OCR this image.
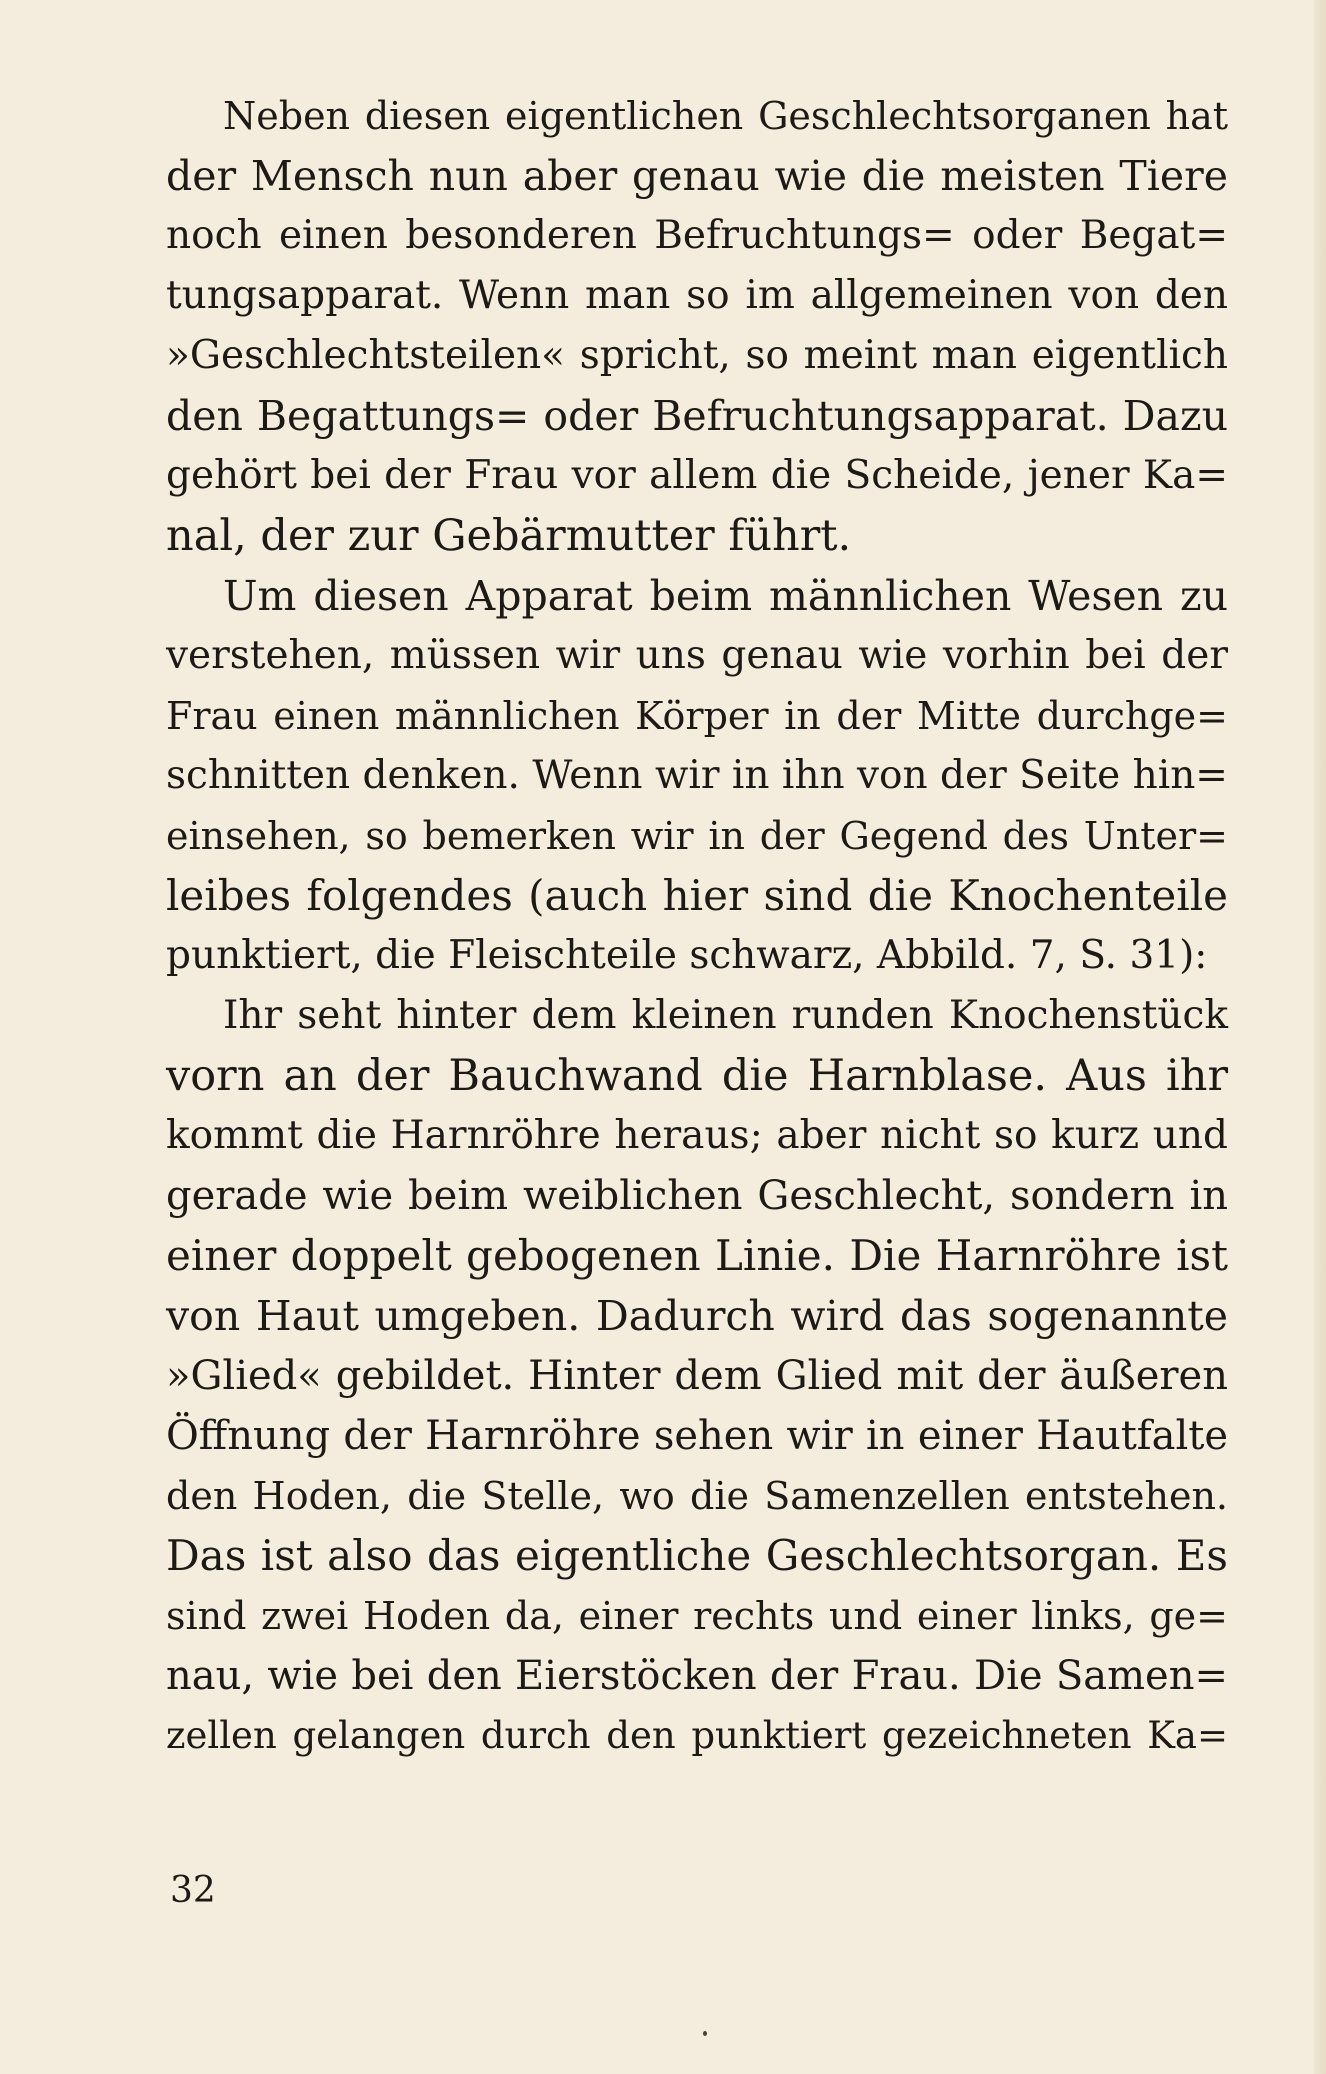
Neben diesen eigentlichen Geschlechtsorganen hat
der Mensch nun aber genau wie die meisten Tiere
noch einen besonderen Befruchtungs= oder Begat=
tungsapparat. Wenn man so im allgemeinen von den
»Geschlechtsteilen« spricht, so meint man eigentlich
den Begattungs= oder Befruchtungsapparat. Dazu
gehört bei der Frau vor allem die Scheide, jener Ka=
nal, der zur Gebärmutter führt.
Um diesen Apparat beim männlichen Wesen zu
verstehen, müssen wir uns genau wie vorhin bei der
Frau einen männlichen Körper in der Mitte durchge=
schnitten denken. Wenn wir in ihn von der Seite hin=
einsehen, so bemerken wir in der Gegend des Unter=
leibes folgendes (auch hier sind die Knochenteile
punktiert, die Fleischteile schwarz, Abbild. 7, S. 31):
Ihr seht hinter dem kleinen runden Knochenstück
vorn an der Bauchwand die Harnblase. Aus ihr
kommt die Harnröhre heraus; aber nicht so kurz und
gerade wie beim weiblichen Geschlecht, sondern in
einer doppelt gebogenen Linie. Die Harnröhre ist
von Haut umgeben. Dadurch wird das sogenannte
»Glied« gebildet. Hinter dem Glied mit der äußeren
Öffnung der Harnröhre sehen wir in einer Hautfalte
den Hoden, die Stelle, wo die Samenzellen entstehen.
Das ist also das eigentliche Geschlechtsorgan. Es
sind zwei Hoden da, einer rechts und einer links, ge=
nau, wie bei den Eierstöcken der Frau. Die Samen=
zellen gelangen durch den punktiert gezeichneten Ka=
32
